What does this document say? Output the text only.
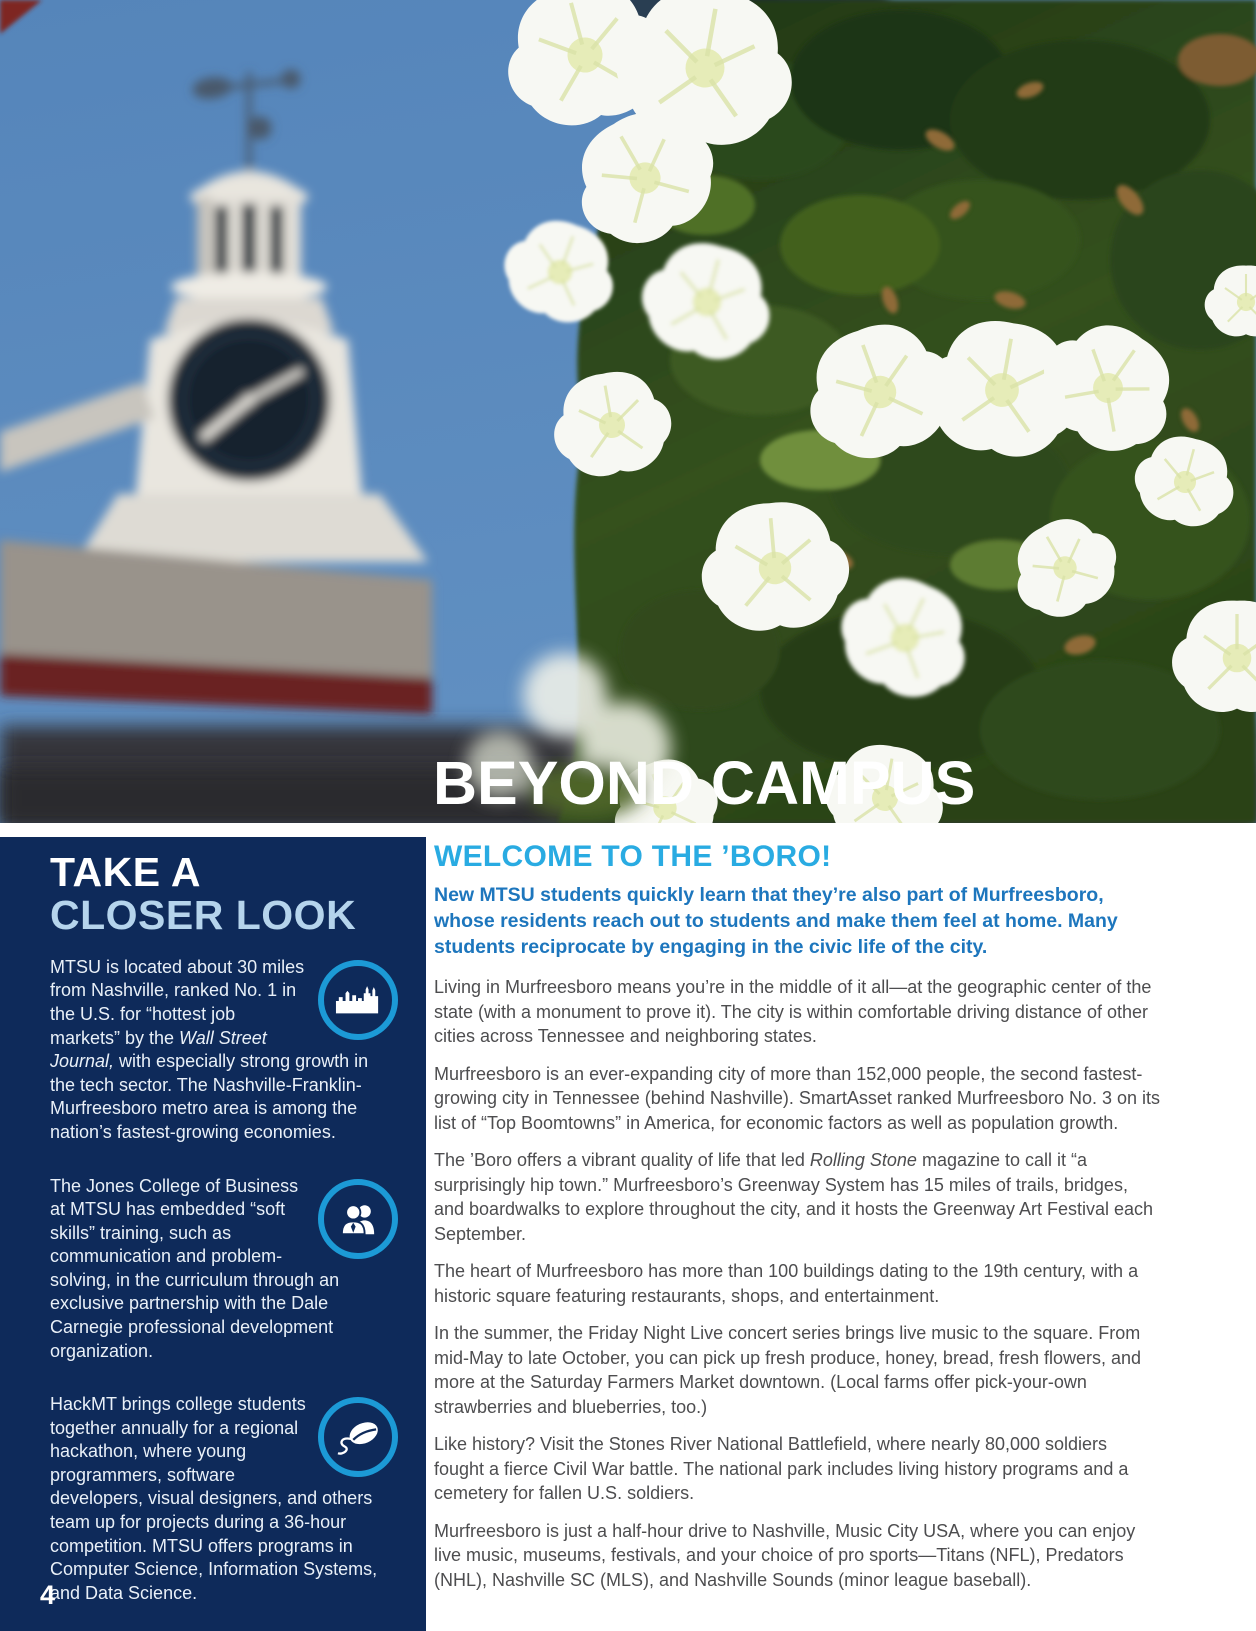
BEYOND CAMPUS
TAKE A
CLOSER LOOK
MTSU is located about 30 miles from Nashville, ranked No. 1 in the U.S. for “hottest job markets” by the Wall Street Journal, with especially strong growth in the tech sector. The Nashville-Franklin-Murfreesboro metro area is among the nation’s fastest-growing economies.
The Jones College of Business at MTSU has embedded “soft skills” training, such as communication and problem-solving, in the curriculum through an exclusive partnership with the Dale Carnegie professional development organization.
HackMT brings college students together annually for a regional hackathon, where young programmers, software developers, visual designers, and others team up for projects during a 36-hour competition. MTSU offers programs in Computer Science, Information Systems, and Data Science.
4
WELCOME TO THE ’BORO!

New MTSU students quickly learn that they’re also part of Murfreesboro, whose residents reach out to students and make them feel at home. Many students reciprocate by engaging in the civic life of the city.

Living in Murfreesboro means you’re in the middle of it all—at the geographic center of the state (with a monument to prove it). The city is within comfortable driving distance of other cities across Tennessee and neighboring states.

Murfreesboro is an ever-expanding city of more than 152,000 people, the second fastest-growing city in Tennessee (behind Nashville). SmartAsset ranked Murfreesboro No. 3 on its list of “Top Boomtowns” in America, for economic factors as well as population growth.

The ’Boro offers a vibrant quality of life that led Rolling Stone magazine to call it “a surprisingly hip town.” Murfreesboro’s Greenway System has 15 miles of trails, bridges, and boardwalks to explore throughout the city, and it hosts the Greenway Art Festival each September.

The heart of Murfreesboro has more than 100 buildings dating to the 19th century, with a historic square featuring restaurants, shops, and entertainment.

In the summer, the Friday Night Live concert series brings live music to the square. From mid-May to late October, you can pick up fresh produce, honey, bread, fresh flowers, and more at the Saturday Farmers Market downtown. (Local farms offer pick-your-own strawberries and blueberries, too.)

Like history? Visit the Stones River National Battlefield, where nearly 80,000 soldiers fought a fierce Civil War battle. The national park includes living history programs and a cemetery for fallen U.S. soldiers.

Murfreesboro is just a half-hour drive to Nashville, Music City USA, where you can enjoy live music, museums, festivals, and your choice of pro sports—Titans (NFL), Predators (NHL), Nashville SC (MLS), and Nashville Sounds (minor league baseball).
